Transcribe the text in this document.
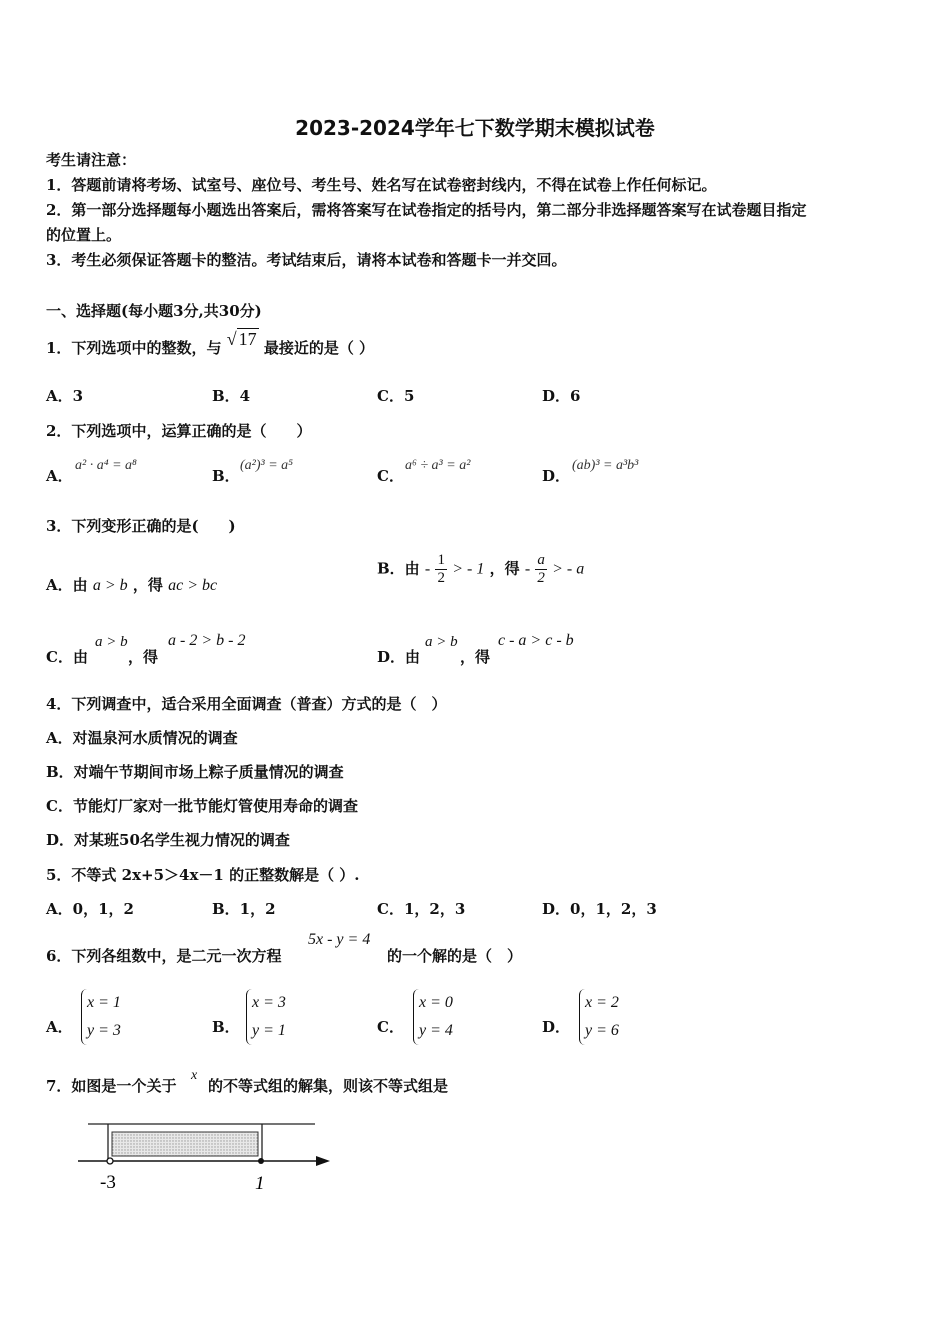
2023-2024学年七下数学期末模拟试卷
考生请注意：
1．答题前请将考场、试室号、座位号、考生号、姓名写在试卷密封线内，不得在试卷上作任何标记。
2．第一部分选择题每小题选出答案后，需将答案写在试卷指定的括号内，第二部分非选择题答案写在试卷题目指定
的位置上。
3．考生必须保证答题卡的整洁。考试结束后，请将本试卷和答题卡一并交回。
一、选择题(每小题3分,共30分)
1．下列选项中的整数，与 √ 17 最接近的是（ ）
A．3	B．4	C．5	D．6
2．下列选项中，运算正确的是（　　）
A．
a² · a⁴ = a⁸
B．
(a²)³ = a⁵
C．
a⁶ ÷ a³ = a²
D．
(ab)³ = a³b³
3．下列变形正确的是(　　)
A．由 a > b ，得 ac > bc
B．由 - $\frac{1}{2}$ > - 1 ，得 - $\frac{a}{2}$ > - a
C．由
a > b
，得
a - 2 > b - 2
D．由
a > b
，得
c - a > c - b
4．下列调查中，适合采用全面调查（普查）方式的是（　）
A．对温泉河水质情况的调查
B．对端午节期间市场上粽子质量情况的调查
C．节能灯厂家对一批节能灯管使用寿命的调查
D．对某班50名学生视力情况的调查
5．不等式 2x+5＞4x－1 的正整数解是（ ）.
A．0，1，2	B．1，2	C．1，2，3	D．0，1，2，3
6．下列各组数中，是二元一次方程
5x - y = 4
的一个解的是（　）
A．
x = 1
y = 3	B．
x = 3
y = 1	C．
x = 0
y = 4	D．
x = 2
y = 6
7．如图是一个关于
x
的不等式组的解集，则该不等式组是
-3	1
